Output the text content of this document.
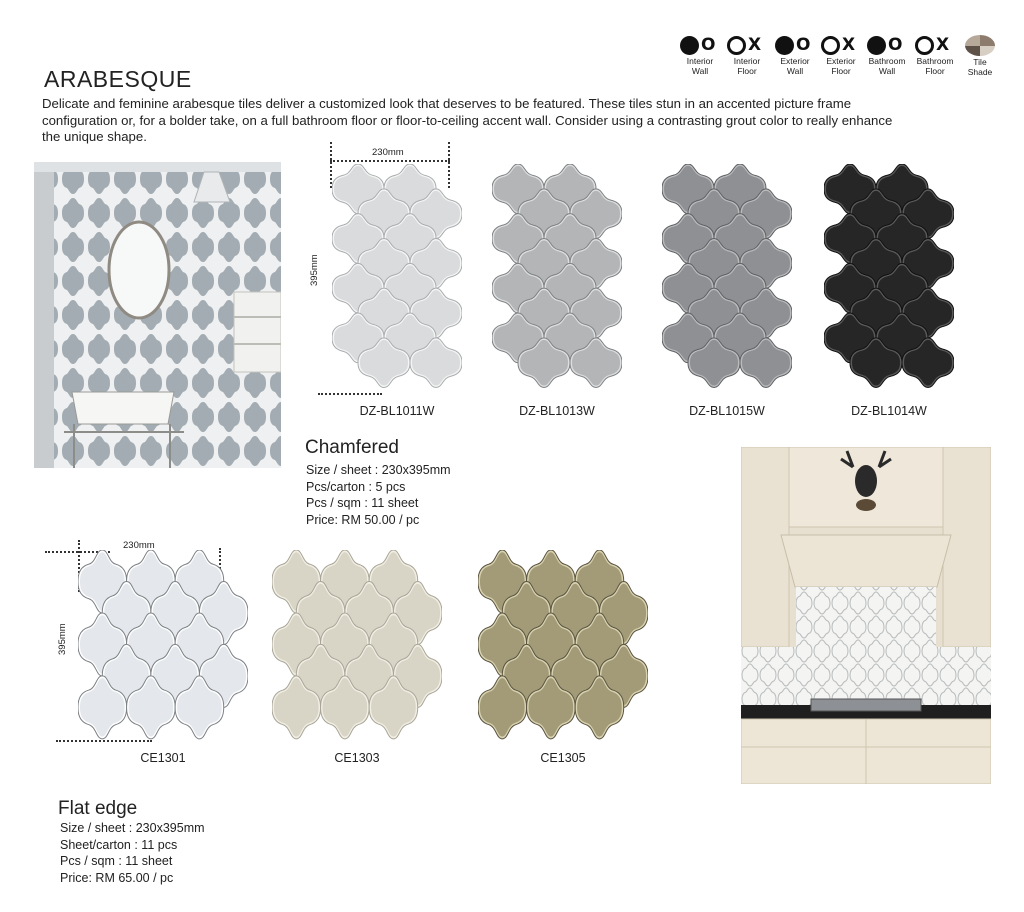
O
Interior
Wall
X
Interior
Floor
O
Exterior
Wall
X
Exterior
Floor
O
Bathroom
Wall
X
Bathroom
Floor
Tile
Shade
ARABESQUE
Delicate and feminine arabesque tiles deliver a customized look that deserves to be featured. These tiles stun in an accented picture frame configuration or, for a bolder take, on a full bathroom floor or floor-to-ceiling accent wall. Consider using a contrasting grout color to really enhance the unique shape.
230mm
395mm
DZ-BL1011W	DZ-BL1013W	DZ-BL1015W	DZ-BL1014W
Chamfered
Size / sheet : 230x395mm
Pcs/carton : 5 pcs
Pcs / sqm : 11 sheet
Price: RM 50.00 / pc
230mm
395mm
CE1301	CE1303	CE1305
Flat edge
Size / sheet : 230x395mm
Sheet/carton : 11 pcs
Pcs / sqm : 11 sheet
Price: RM 65.00 / pc
